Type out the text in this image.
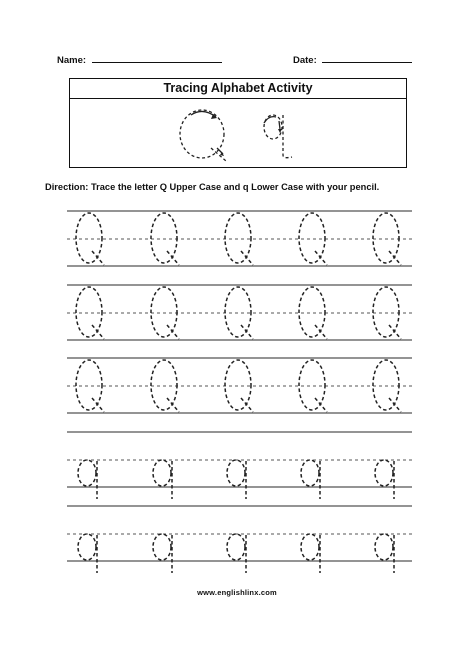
Name:	Date:
Tracing Alphabet Activity
Direction: Trace the letter Q Upper Case and q Lower Case with your pencil.
www.englishlinx.com
